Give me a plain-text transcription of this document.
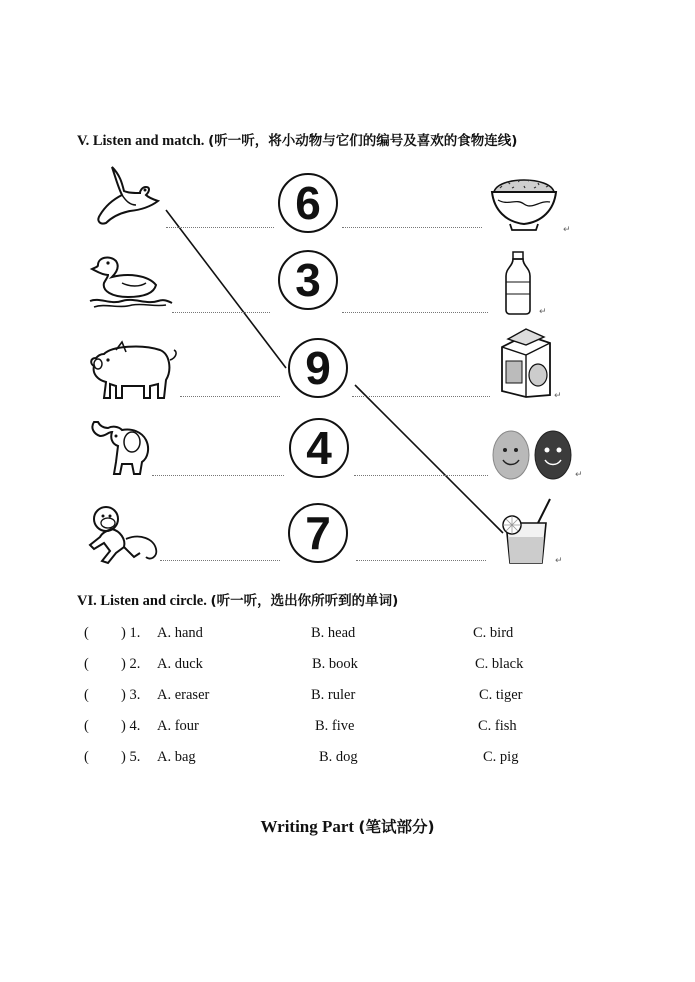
V. Listen and match. (听一听，将小动物与它们的编号及喜欢的食物连线)
6
↵
3
↵
9
↵
4
↵
7
↵
VI. Listen and circle. (听一听，选出你所听到的单词)
( ) 1. A. hand	B. head	C. bird
( ) 2. A. duck	B. book	C. black
( ) 3. A. eraser	B. ruler	C. tiger
( ) 4. A. four	B. five	C. fish
( ) 5. A. bag	B. dog	C. pig
Writing Part (笔试部分)
